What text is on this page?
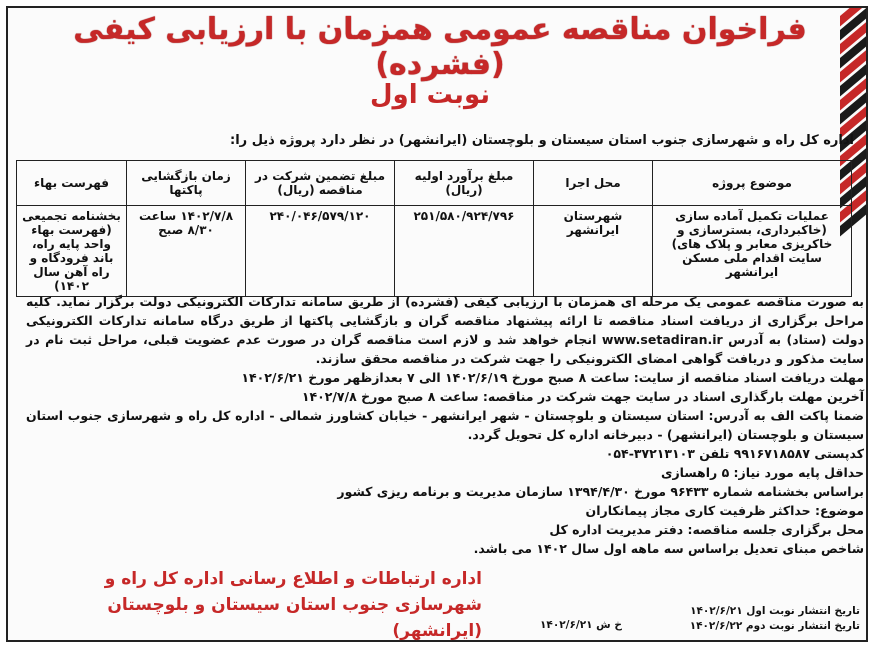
فراخوان مناقصه عمومی همزمان با ارزیابی کیفی (فشرده)
نوبت اول
اداره کل راه و شهرسازی جنوب استان سیستان و بلوچستان (ایرانشهر) در نظر دارد پروژه ذیل را:
موضوع پروژه	محل اجرا	مبلغ برآورد اولیه (ریال)	مبلغ تضمین شرکت در مناقصه (ریال)	زمان بازگشایی پاکتها	فهرست بهاء
عملیات تکمیل آماده سازی (خاکبرداری، بسترسازی و خاکریزی معابر و پلاک های) سایت اقدام ملی مسکن ایرانشهر	شهرستان ایرانشهر	۲۵۱/۵۸۰/۹۲۴/۷۹۶	۲۴۰/۰۴۶/۵۷۹/۱۲۰	۱۴۰۲/۷/۸ ساعت ۸/۳۰ صبح	بخشنامه تجمیعی (فهرست بهاء واحد پایه راه، باند فرودگاه و راه آهن سال ۱۴۰۲)

به صورت مناقصه عمومی یک مرحله ای همزمان با ارزیابی کیفی (فشرده) از طریق سامانه تدارکات الکترونیکی دولت برگزار نماید. کلیه مراحل برگزاری از دریافت اسناد مناقصه تا ارائه پیشنهاد مناقصه گران و بازگشایی پاکتها از طریق درگاه سامانه تدارکات الکترونیکی دولت (ستاد) به آدرس www.setadiran.ir انجام خواهد شد و لازم است مناقصه گران در صورت عدم عضویت قبلی، مراحل ثبت نام در سایت مذکور و دریافت گواهی امضای الکترونیکی را جهت شرکت در مناقصه محقق سازند.

مهلت دریافت اسناد مناقصه از سایت: ساعت ۸ صبح مورخ ۱۴۰۲/۶/۱۹ الی ۷ بعدازظهر مورخ ۱۴۰۲/۶/۲۱

آخرین مهلت بارگذاری اسناد در سایت جهت شرکت در مناقصه: ساعت ۸ صبح مورخ ۱۴۰۲/۷/۸

ضمنا پاکت الف به آدرس: استان سیستان و بلوچستان - شهر ایرانشهر - خیابان کشاورز شمالی - اداره کل راه و شهرسازی جنوب استان سیستان و بلوچستان (ایرانشهر) - دبیرخانه اداره کل تحویل گردد.

کدپستی ۹۹۱۶۷۱۸۵۸۷ تلفن ۳۷۲۱۳۱۰۳-۰۵۴

حداقل پایه مورد نیاز: ۵ راهسازی

براساس بخشنامه شماره ۹۶۴۳۳ مورخ ۱۳۹۴/۴/۳۰ سازمان مدیریت و برنامه ریزی کشور

موضوع: حداکثر ظرفیت کاری مجاز پیمانکاران

محل برگزاری جلسه مناقصه: دفتر مدیریت اداره کل

شاخص مبنای تعدیل براساس سه ماهه اول سال ۱۴۰۲ می باشد.

اداره ارتباطات و اطلاع رسانی اداره کل راه و شهرسازی جنوب استان سیستان و بلوچستان (ایرانشهر)
تاریخ انتشار نوبت اول ۱۴۰۲/۶/۲۱
تاریخ انتشار نوبت دوم ۱۴۰۲/۶/۲۲
خ ش ۱۴۰۲/۶/۲۱
